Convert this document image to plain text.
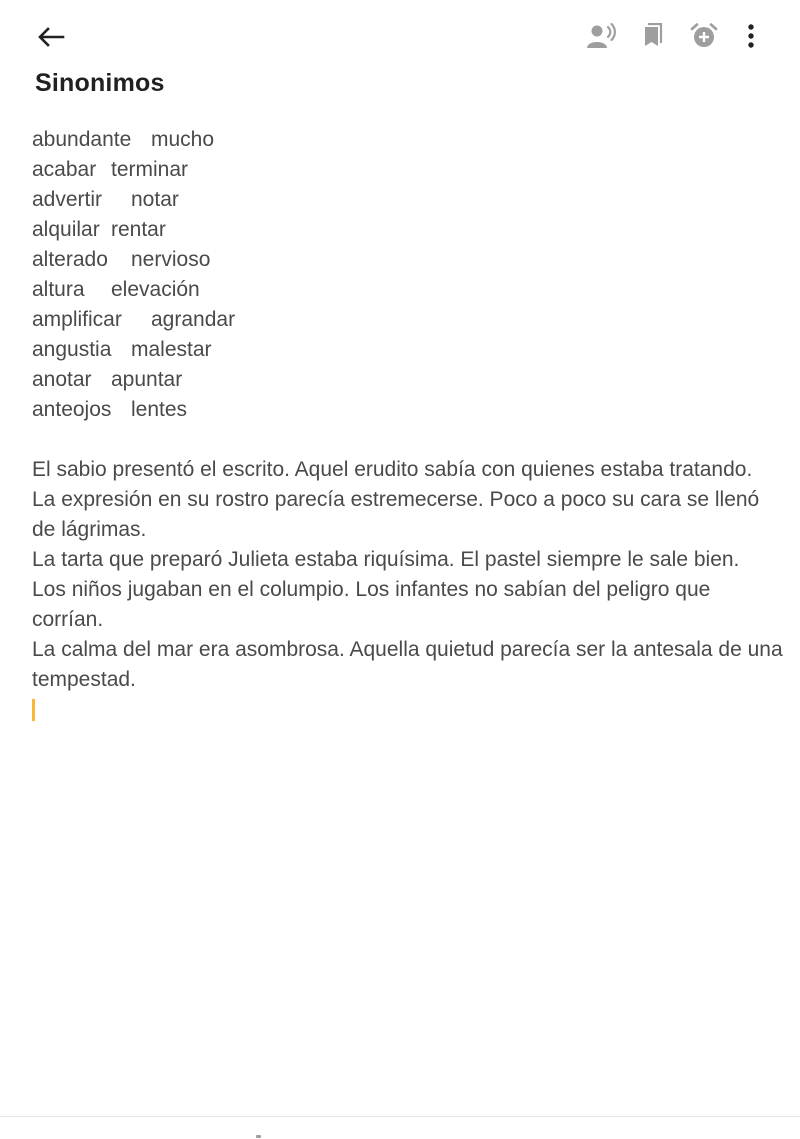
Sinonimos
abundante mucho
acabar terminar
advertir notar
alquilar rentar
alterado nervioso
altura elevación
amplificar agrandar
angustia malestar
anotar apuntar
anteojos lentes

El sabio presentó el escrito. Aquel erudito sabía con quienes estaba tratando.

La expresión en su rostro parecía estremecerse. Poco a poco su cara se llenó de lágrimas.

La tarta que preparó Julieta estaba riquísima. El pastel siempre le sale bien.

Los niños jugaban en el columpio. Los infantes no sabían del peligro que corrían.

La calma del mar era asombrosa. Aquella quietud parecía ser la antesala de una tempestad.
